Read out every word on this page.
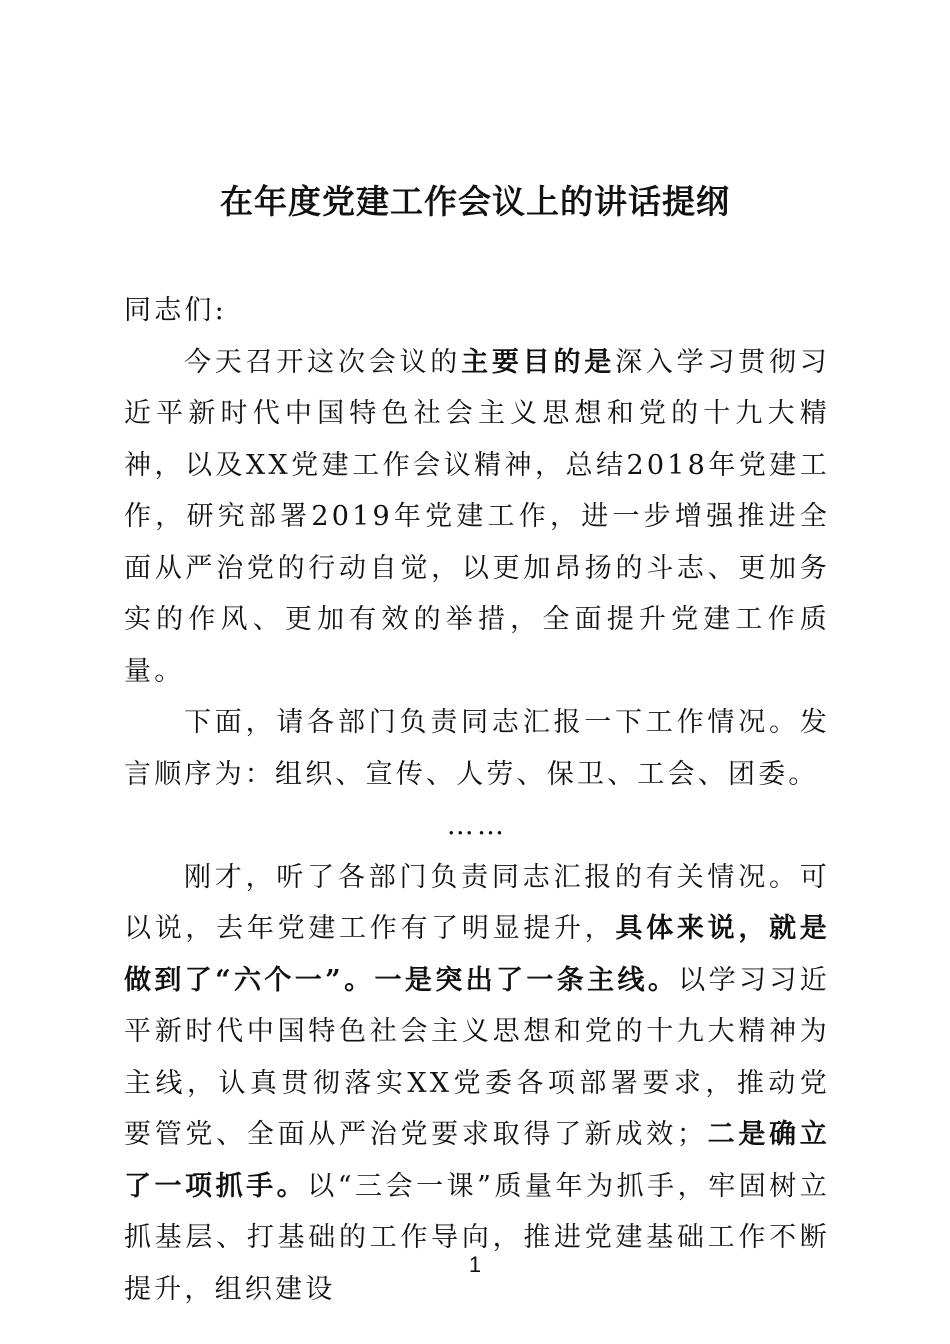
在年度党建工作会议上的讲话提纲

同志们:

今天召开这次会议的主要目的是深入学习贯彻习近平新时代中国特色社会主义思想和党的十九大精神，以及XX党建工作会议精神，总结2018年党建工作，研究部署2019年党建工作，进一步增强推进全面从严治党的行动自觉，以更加昂扬的斗志、更加务实的作风、更加有效的举措，全面提升党建工作质量。

下面，请各部门负责同志汇报一下工作情况。发言顺序为：组织、宣传、人劳、保卫、工会、团委。

……

刚才，听了各部门负责同志汇报的有关情况。可以说，去年党建工作有了明显提升，具体来说，就是做到了“六个一”。一是突出了一条主线。以学习习近平新时代中国特色社会主义思想和党的十九大精神为主线，认真贯彻落实XX党委各项部署要求，推动党要管党、全面从严治党要求取得了新成效；二是确立了一项抓手。以“三会一课”质量年为抓手，牢固树立抓基层、打基础的工作导向，推进党建基础工作不断提升，组织建设

1
